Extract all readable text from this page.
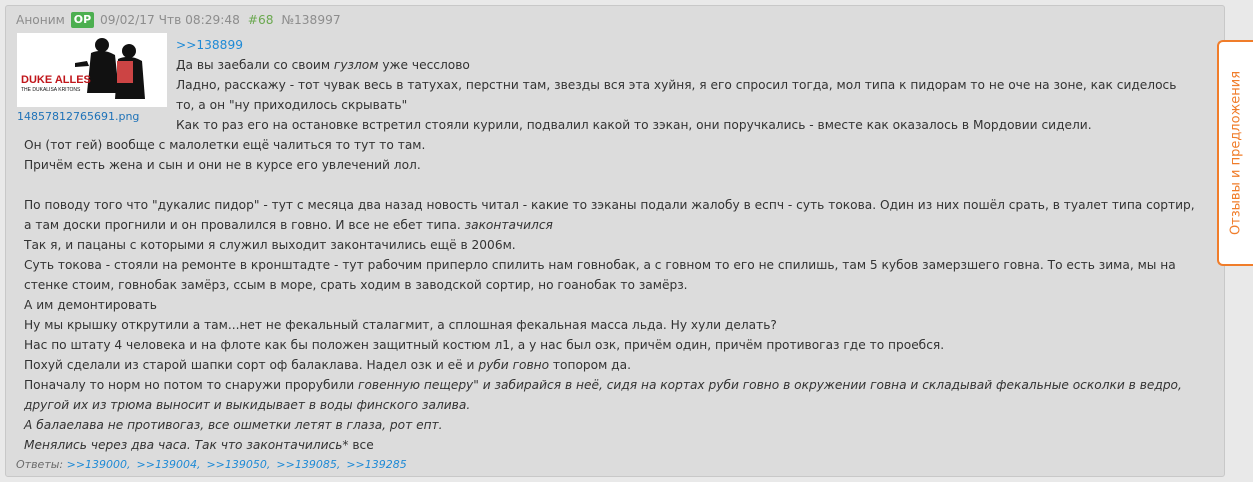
Аноним OP 09/02/17 Чтв 08:29:48 #68 №138997
DUKE ALLES
THE DUKALISA KRITONS
14857812765691.png
>>138899
Да вы заебали со своим гузлом уже чесслово
Ладно, расскажу - тот чувак весь в татухах, перстни там, звезды вся эта хуйня, я его спросил тогда, мол типа к пидорам то не оче на зоне, как сиделось
то, а он "ну приходилось скрывать"
Как то раз его на остановке встретил стояли курили, подвалил какой то зэкан, они поручкались - вместе как оказалось в Мордовии сидели.
Он (тот гей) вообще с малолетки ещё чалиться то тут то там.
Причём есть жена и сын и они не в курсе его увлечений лол.
По поводу того что "дукалис пидор" - тут с месяца два назад новость читал - какие то зэканы подали жалобу в еспч - суть токова. Один из них пошёл срать, в туалет типа сортир,
а там доски прогнили и он провалился в говно. И все не ебет типа. законтачился
Так я, и пацаны с которыми я служил выходит законтачились ещё в 2006м.
Суть токова - стояли на ремонте в кронштадте - тут рабочим приперло спилить нам говнобак, а с говном то его не спилишь, там 5 кубов замерзшего говна. То есть зима, мы на
стенке стоим, говнобак замёрз, ссым в море, срать ходим в заводской сортир, но гоанобак то замёрз.
А им демонтировать
Ну мы крышку открутили а там...нет не фекальный сталагмит, а сплошная фекальная масса льда. Ну хули делать?
Нас по штату 4 человека и на флоте как бы положен защитный костюм л1, а у нас был озк, причём один, причём противогаз где то проебся.
Похуй сделали из старой шапки сорт оф балаклава. Надел озк и её и руби говно топором да.
Поначалу то норм но потом то снаружи прорубили говенную пещеру" и забирайся в неё, сидя на кортах руби говно в окружении говна и складывай фекальные осколки в ведро,
другой их из трюма выносит и выкидывает в воды финского залива.
А балаелава не противогаз, все ошметки летят в глаза, рот епт.
Менялись через два часа. Так что законтачились* все
Ответы: >>139000, >>139004, >>139050, >>139085, >>139285
Отзывы и предложения
